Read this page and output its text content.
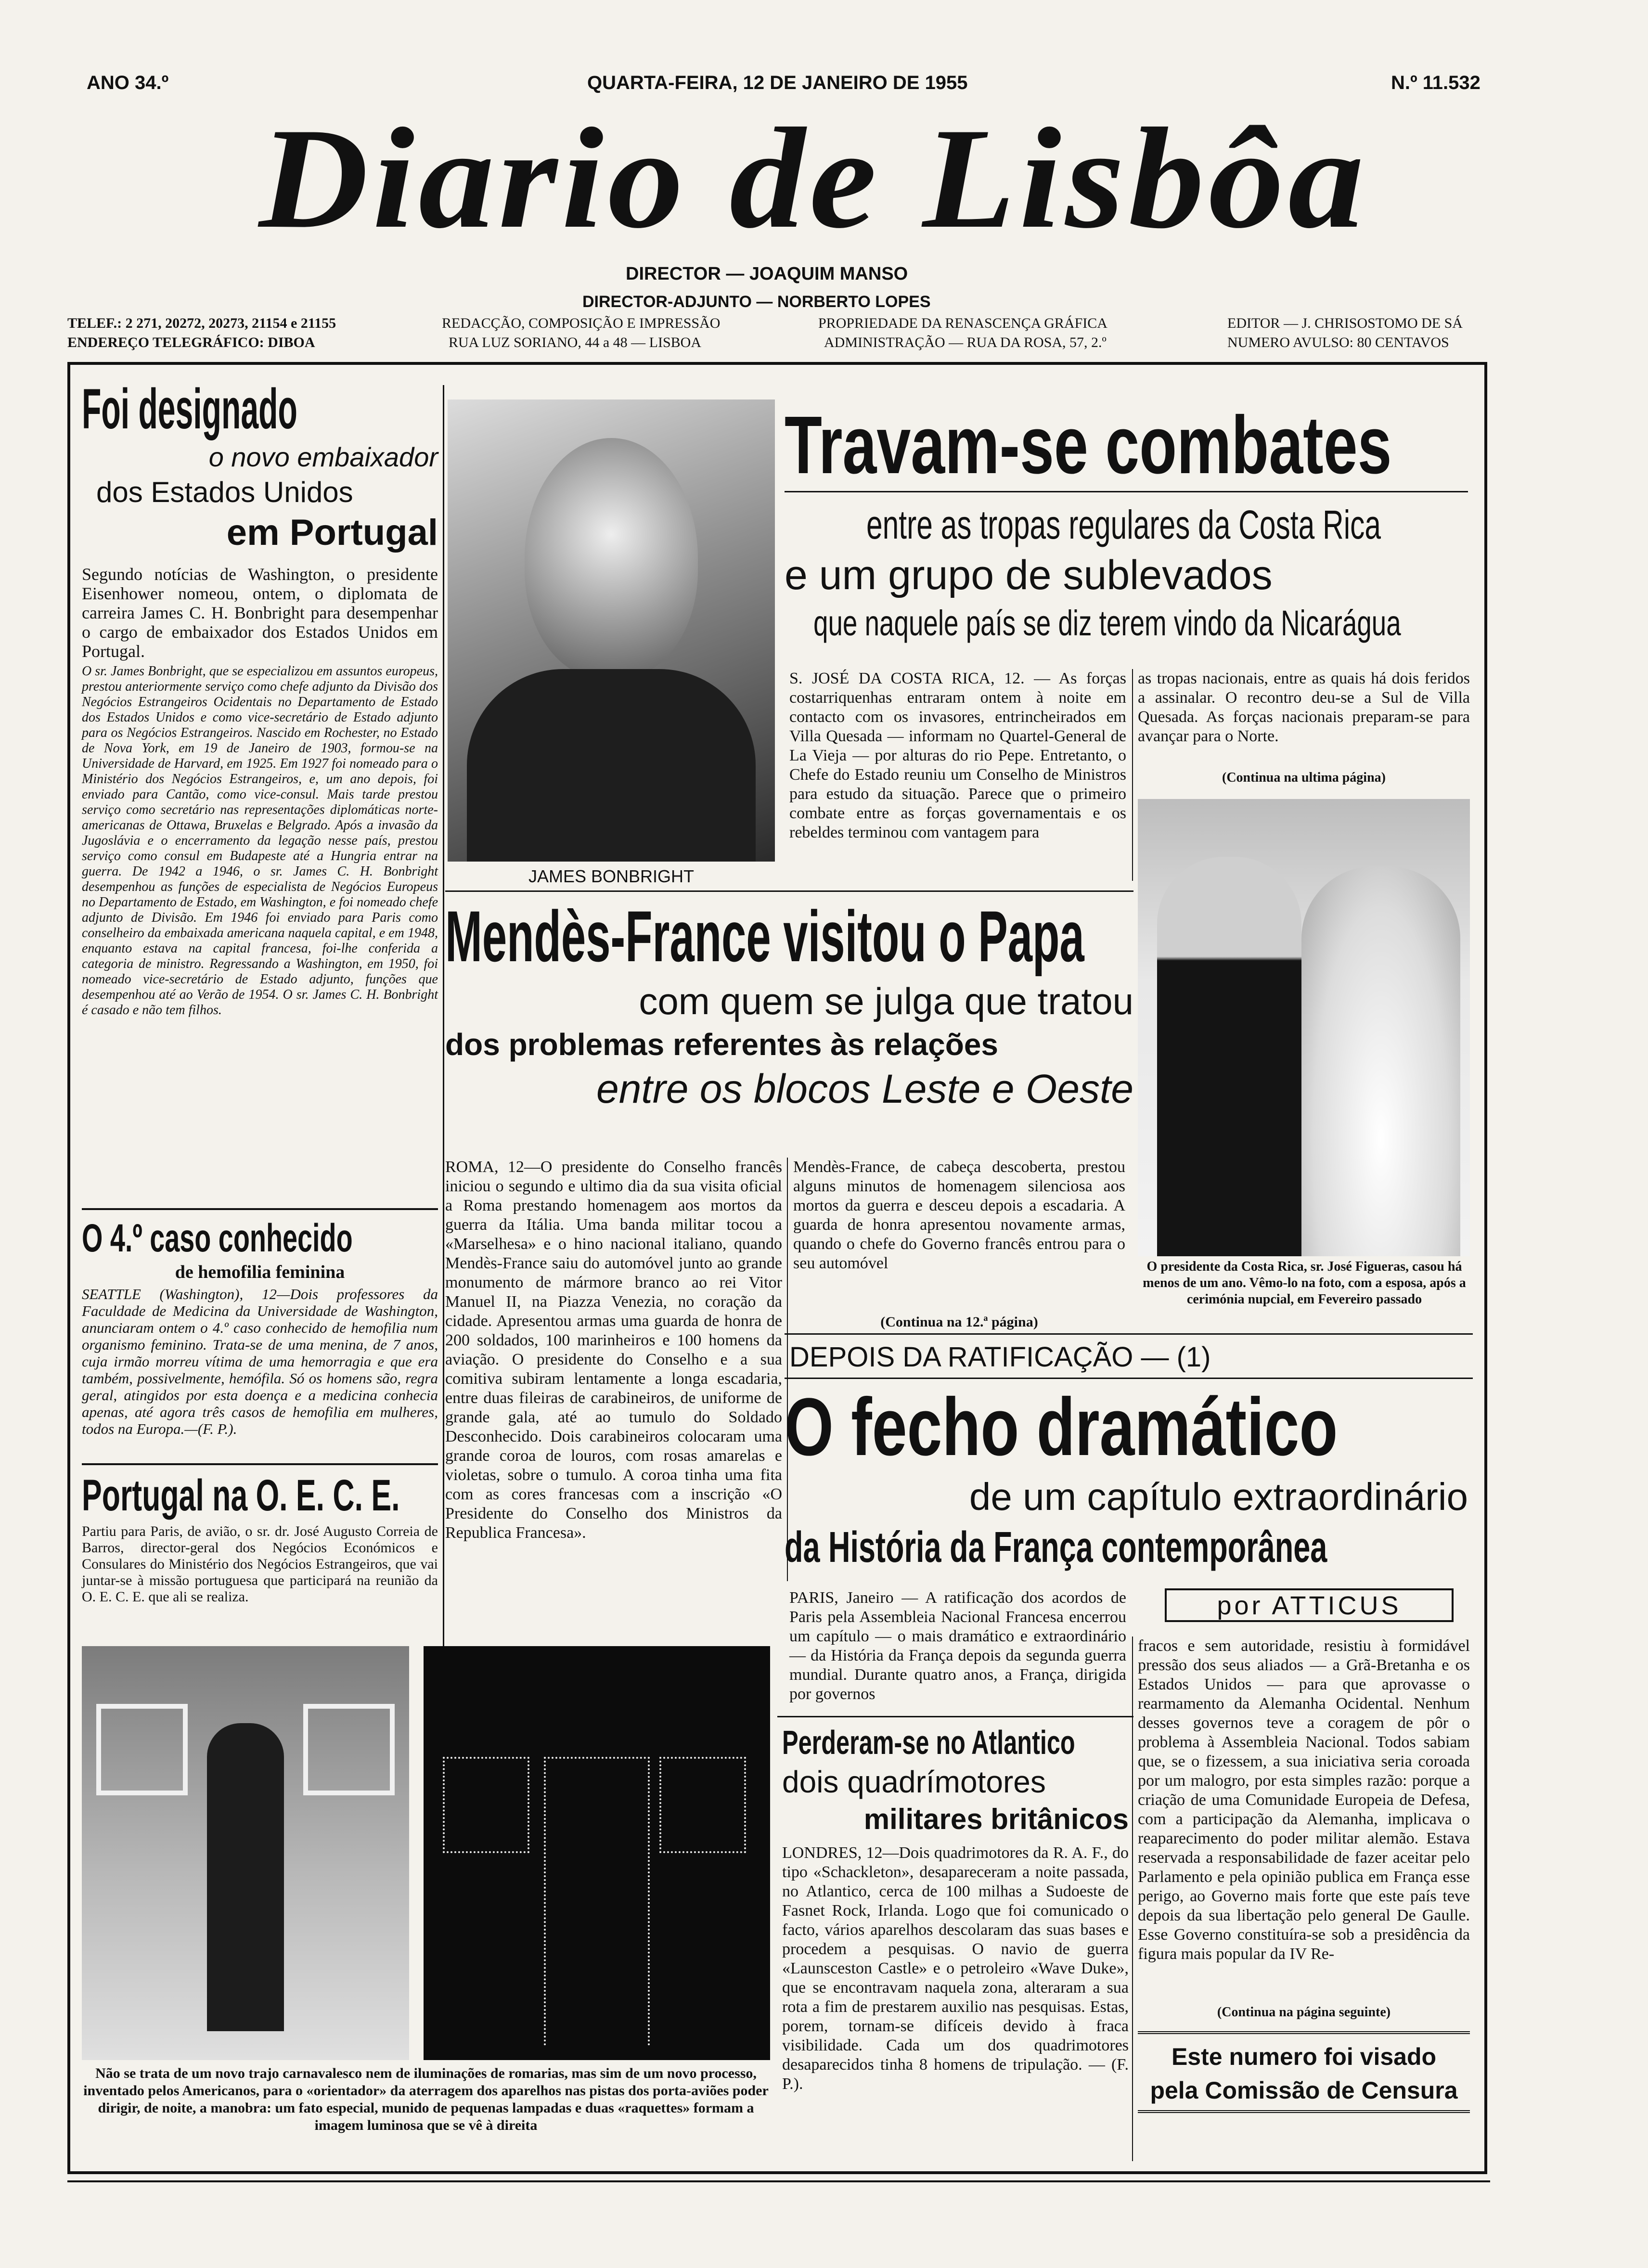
ANO 34.º	QUARTA-FEIRA, 12 DE JANEIRO DE 1955	N.º 11.532
Diario de Lisbôa
DIRECTOR — JOAQUIM MANSO
DIRECTOR-ADJUNTO — NORBERTO LOPES
TELEF.: 2 271, 20272, 20273, 21154 e 21155
ENDEREÇO TELEGRÁFICO: DIBOA
REDACÇÃO, COMPOSIÇÃO E IMPRESSÃO
RUA LUZ SORIANO, 44 a 48 — LISBOA
PROPRIEDADE DA RENASCENÇA GRÁFICA
ADMINISTRAÇÃO — RUA DA ROSA, 57, 2.º
EDITOR — J. CHRISOSTOMO DE SÁ
NUMERO AVULSO: 80 CENTAVOS
Foi designado
o novo embaixador
dos Estados Unidos
em Portugal
Segundo notícias de Washington, o presidente Eisenhower nomeou, ontem, o diplomata de carreira James C. H. Bonbright para desempenhar o cargo de embaixador dos Estados Unidos em Portugal.
O sr. James Bonbright, que se especializou em assuntos europeus, prestou anteriormente serviço como chefe adjunto da Divisão dos Negócios Estrangeiros Ocidentais no Departamento de Estado dos Estados Unidos e como vice-secretário de Estado adjunto para os Negócios Estrangeiros. Nascido em Rochester, no Estado de Nova York, em 19 de Janeiro de 1903, formou-se na Universidade de Harvard, em 1925. Em 1927 foi nomeado para o Ministério dos Negócios Estrangeiros, e, um ano depois, foi enviado para Cantão, como vice-consul. Mais tarde prestou serviço como secretário nas representações diplomáticas norte-americanas de Ottawa, Bruxelas e Belgrado. Após a invasão da Jugoslávia e o encerramento da legação nesse país, prestou serviço como consul em Budapeste até a Hungria entrar na guerra. De 1942 a 1946, o sr. James C. H. Bonbright desempenhou as funções de especialista de Negócios Europeus no Departamento de Estado, em Washington, e foi nomeado chefe adjunto de Divisão. Em 1946 foi enviado para Paris como conselheiro da embaixada americana naquela capital, e em 1948, enquanto estava na capital francesa, foi-lhe conferida a categoria de ministro. Regressando a Washington, em 1950, foi nomeado vice-secretário de Estado adjunto, funções que desempenhou até ao Verão de 1954. O sr. James C. H. Bonbright é casado e não tem filhos.
JAMES BONBRIGHT
Travam-se combates
entre as tropas regulares da Costa Rica
e um grupo de sublevados
que naquele país se diz terem vindo da Nicarágua
S. JOSÉ DA COSTA RICA, 12. — As forças costarriquenhas entraram ontem à noite em contacto com os invasores, entrincheirados em Villa Quesada — informam no Quartel-General de La Vieja — por alturas do rio Pepe. Entretanto, o Chefe do Estado reuniu um Conselho de Ministros para estudo da situação. Parece que o primeiro combate entre as forças governamentais e os rebeldes terminou com vantagem para
as tropas nacionais, entre as quais há dois feridos a assinalar. O recontro deu-se a Sul de Villa Quesada. As forças nacionais preparam-se para avançar para o Norte.
(Continua na ultima página)
O presidente da Costa Rica, sr. José Figueras, casou há menos de um ano. Vêmo-lo na foto, com a esposa, após a cerimónia nupcial, em Fevereiro passado
Mendès-France visitou o Papa
com quem se julga que tratou
dos problemas referentes às relações
entre os blocos Leste e Oeste
ROMA, 12—O presidente do Conselho francês iniciou o segundo e ultimo dia da sua visita oficial a Roma prestando homenagem aos mortos da guerra da Itália. Uma banda militar tocou a «Marselhesa» e o hino nacional italiano, quando Mendès-France saiu do automóvel junto ao grande monumento de mármore branco ao rei Vitor Manuel II, na Piazza Venezia, no coração da cidade. Apresentou armas uma guarda de honra de 200 soldados, 100 marinheiros e 100 homens da aviação. O presidente do Conselho e a sua comitiva subiram lentamente a longa escadaria, entre duas fileiras de carabineiros, de uniforme de grande gala, até ao tumulo do Soldado Desconhecido. Dois carabineiros colocaram uma grande coroa de louros, com rosas amarelas e violetas, sobre o tumulo. A coroa tinha uma fita com as cores francesas com a inscrição «O Presidente do Conselho dos Ministros da Republica Francesa».
Mendès-France, de cabeça descoberta, prestou alguns minutos de homenagem silenciosa aos mortos da guerra e desceu depois a escadaria. A guarda de honra apresentou novamente armas, quando o chefe do Governo francês entrou para o seu automóvel
(Continua na 12.ª página)
O 4.º caso conhecido
de hemofilia feminina
SEATTLE (Washington), 12—Dois professores da Faculdade de Medicina da Universidade de Washington, anunciaram ontem o 4.º caso conhecido de hemofilia num organismo feminino. Trata-se de uma menina, de 7 anos, cuja irmão morreu vítima de uma hemorragia e que era também, possivelmente, hemófila. Só os homens são, regra geral, atingidos por esta doença e a medicina conhecia apenas, até agora três casos de hemofilia em mulheres, todos na Europa.—(F. P.).
Portugal na O. E. C. E.
Partiu para Paris, de avião, o sr. dr. José Augusto Correia de Barros, director-geral dos Negócios Económicos e Consulares do Ministério dos Negócios Estrangeiros, que vai juntar-se à missão portuguesa que participará na reunião da O. E. C. E. que ali se realiza.
Não se trata de um novo trajo carnavalesco nem de iluminações de romarias, mas sim de um novo processo, inventado pelos Americanos, para o «orientador» da aterragem dos aparelhos nas pistas dos porta-aviões poder dirigir, de noite, a manobra: um fato especial, munido de pequenas lampadas e duas «raquettes» formam a imagem luminosa que se vê à direita
DEPOIS DA RATIFICAÇÃO — (1)
O fecho dramático
de um capítulo extraordinário
da História da França contemporânea
PARIS, Janeiro — A ratificação dos acordos de Paris pela Assembleia Nacional Francesa encerrou um capítulo — o mais dramático e extraordinário — da História da França depois da segunda guerra mundial. Durante quatro anos, a França, dirigida por governos
por ATTICUS
fracos e sem autoridade, resistiu à formidável pressão dos seus aliados — a Grã-Bretanha e os Estados Unidos — para que aprovasse o rearmamento da Alemanha Ocidental. Nenhum desses governos teve a coragem de pôr o problema à Assembleia Nacional. Todos sabiam que, se o fizessem, a sua iniciativa seria coroada por um malogro, por esta simples razão: porque a criação de uma Comunidade Europeia de Defesa, com a participação da Alemanha, implicava o reaparecimento do poder militar alemão. Estava reservada a responsabilidade de fazer aceitar pelo Parlamento e pela opinião publica em França esse perigo, ao Governo mais forte que este país teve depois da sua libertação pelo general De Gaulle. Esse Governo constituíra-se sob a presidência da figura mais popular da IV Re-
(Continua na página seguinte)
Perderam-se no Atlantico
dois quadrímotores
militares britânicos
LONDRES, 12—Dois quadrimotores da R. A. F., do tipo «Schackleton», desapareceram a noite passada, no Atlantico, cerca de 100 milhas a Sudoeste de Fasnet Rock, Irlanda. Logo que foi comunicado o facto, vários aparelhos descolaram das suas bases e procedem a pesquisas. O navio de guerra «Launsceston Castle» e o petroleiro «Wave Duke», que se encontravam naquela zona, alteraram a sua rota a fim de prestarem auxilio nas pesquisas. Estas, porem, tornam-se difíceis devido à fraca visibilidade. Cada um dos quadrimotores desaparecidos tinha 8 homens de tripulação. — (F. P.).
Este numero foi visado
pela Comissão de Censura
